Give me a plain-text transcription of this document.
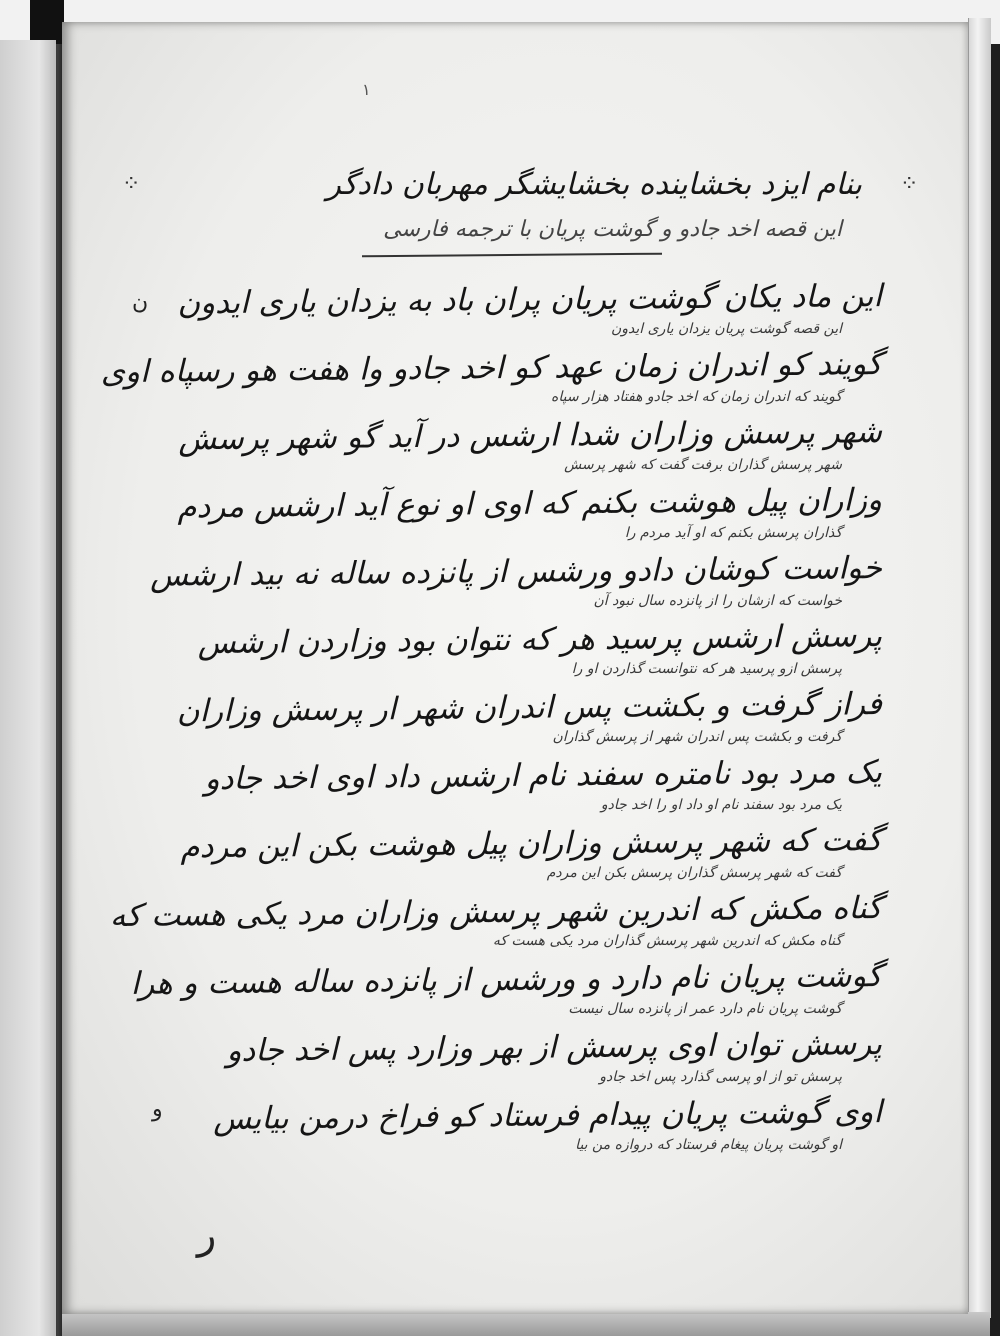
١
⁘	⁘
ن
و
ر

بنام ایزد بخشاینده بخشایشگر مهربان دادگر

این قصه اخد جادو و گوشت پریان با ترجمه فارسی

این ماد یکان گوشت پریان پران باد به یزدان یاری ایدون
این قصه گوشت پریان یزدان یاری ایدون
گویند کو اندران زمان عهد کو اخد جادو وا هفت هو رسپاه اوی
گویند که اندران زمان که اخد جادو هفتاد هزار سپاه
شهر پرسش وزاران شدا ارشس در آید گو شهر پرسش
شهر پرسش گذاران برفت گفت که شهر پرسش
وزاران پیل هوشت بکنم که اوی او نوع آید ارشس مردم
گذاران پرسش بکنم که او آید مردم را
خواست کوشان دادو ورشس از پانزده ساله نه بید ارشس
خواست که ازشان را از پانزده سال نبود آن
پرسش ارشس پرسید هر که نتوان بود وزاردن ارشس
پرسش ازو پرسید هر که نتوانست گذاردن او را
فراز گرفت و بکشت پس اندران شهر ار پرسش وزاران
گرفت و بکشت پس اندران شهر از پرسش گذاران
یک مرد بود نامتره سفند نام ارشس داد اوی اخد جادو
یک مرد بود سفند نام او داد او را اخد جادو
گفت که شهر پرسش وزاران پیل هوشت بکن این مردم
گفت که شهر پرسش گذاران پرسش بکن این مردم
گناه مکش که اندرین شهر پرسش وزاران مرد یکی هست که
گناه مکش که اندرین شهر پرسش گذاران مرد یکی هست که
گوشت پریان نام دارد و ورشس از پانزده ساله هست و هرا
گوشت پریان نام دارد عمر از پانزده سال نیست
پرسش توان اوی پرسش از بهر وزارد پس اخد جادو
پرسش تو از او پرسی گذارد پس اخد جادو
اوی گوشت پریان پیدام فرستاد کو فراخ درمن بیایس
او گوشت پریان پیغام فرستاد که دروازه من بیا
